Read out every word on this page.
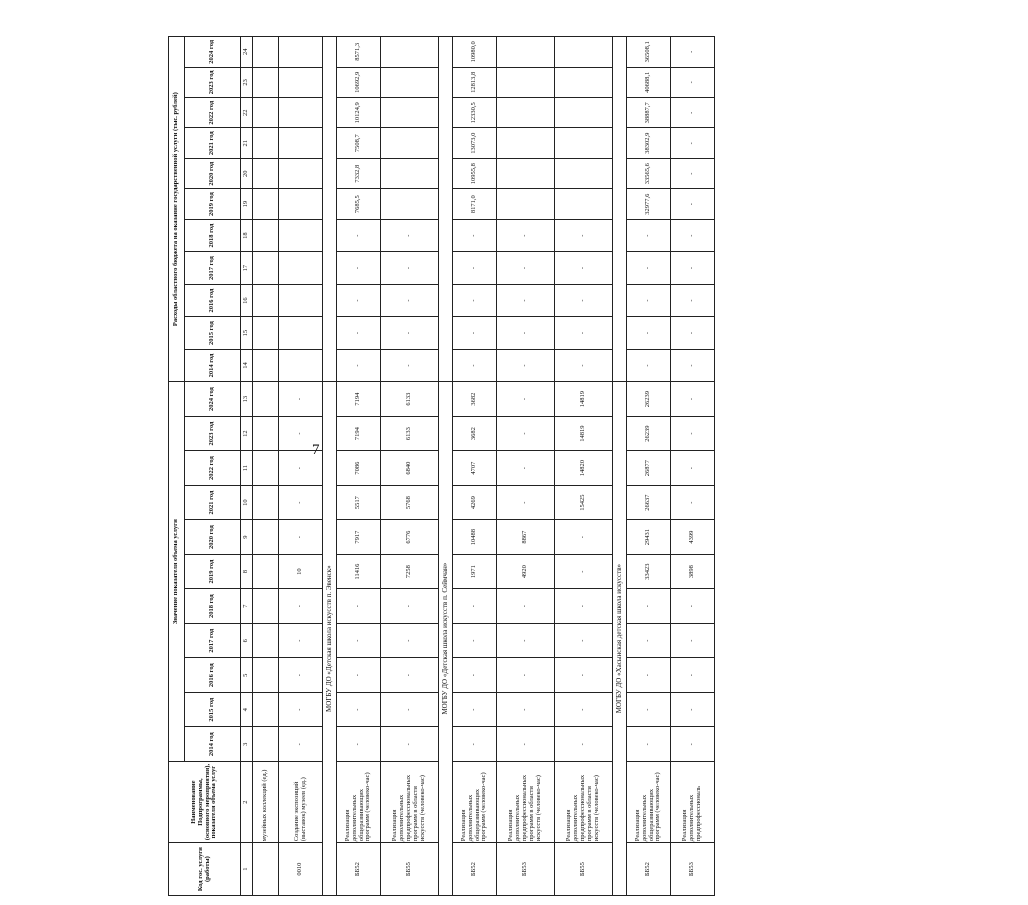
7
Код гос. услуги (работы)	Наименование Подпрограммы, (основного мероприятия), показателя объема услуг	Значение показателя объема услуги											Расходы областного бюджета на оказание государственной услуги (тыс. рублей)										
		2014 год	2015 год	2016 год	2017 год	2018 год	2019 год	2020 год	2021 год	2022 год	2023 год	2024 год	2014 год	2015 год	2016 год	2017 год	2018 год	2019 год	2020 год	2021 год	2022 год	2023 год	2024 год
1	2	3	4	5	6	7	8	9	10	11	12	13	14	15	16	17	18	19	20	21	22	23	24
	музейных коллекций (ед.)																						
0010	Создание экспозиций (выставок) музеев (ед.)	-	-	-	-	-	10	-	-	-	-	-											
МОГБУ ДО «Детская школа искусств п. Эвенск»																							
ББ52	Реализация дополнительных общеразвивающих программ (человеко-час)	-	-	-	-	-	11416	7917	5517	7086	7194	7194	-	-	-	-	-	7685,5	7332,8	7508,7	10124,9	10692,9	8571,3
ББ55	Реализация дополнительных предпрофессиональных программ в области искусств (человеко-час)	-	-	-	-	-	7258	6776	5768	6840	6133	6133	-	-	-	-	-						
МОГБУ ДО «Детская школа искусств п. Сеймчан»																							
ББ52	Реализация дополнительных общеразвивающих программ (человеко-час)	-	-	-	-	-	1971	10488	4269	4707	3682	3682	-	-	-	-	-	8171,0	10955,8	13073,0	12330,5	12813,8	10980,0
ББ53	Реализация дополнительных предпрофессиональных программ в области искусств (человеко-час)	-	-	-	-	-	4920	8867	-	-	-	-	-	-	-	-	-						
ББ55	Реализация дополнительных предпрофессиональных программ в области искусств (человеко-час)	-	-	-	-	-	-	-	15425	14820	14819	14819	-	-	-	-	-						
МОГБУ ДО «Хасынская детская школа искусств»																							
ББ52	Реализация дополнительных общеразвивающих программ (человеко-час)	-	-	-	-	-	33423	29431	26637	26877	26239	26239	-	-	-	-	-	32977,6	33565,6	38302,9	38887,7	40688,1	36508,1
ББ53	Реализация дополнительных предпрофессиональ	-	-	-	-	-	3898	4399	-	-	-	-	-	-	-	-	-	-	-	-	-	-	-
